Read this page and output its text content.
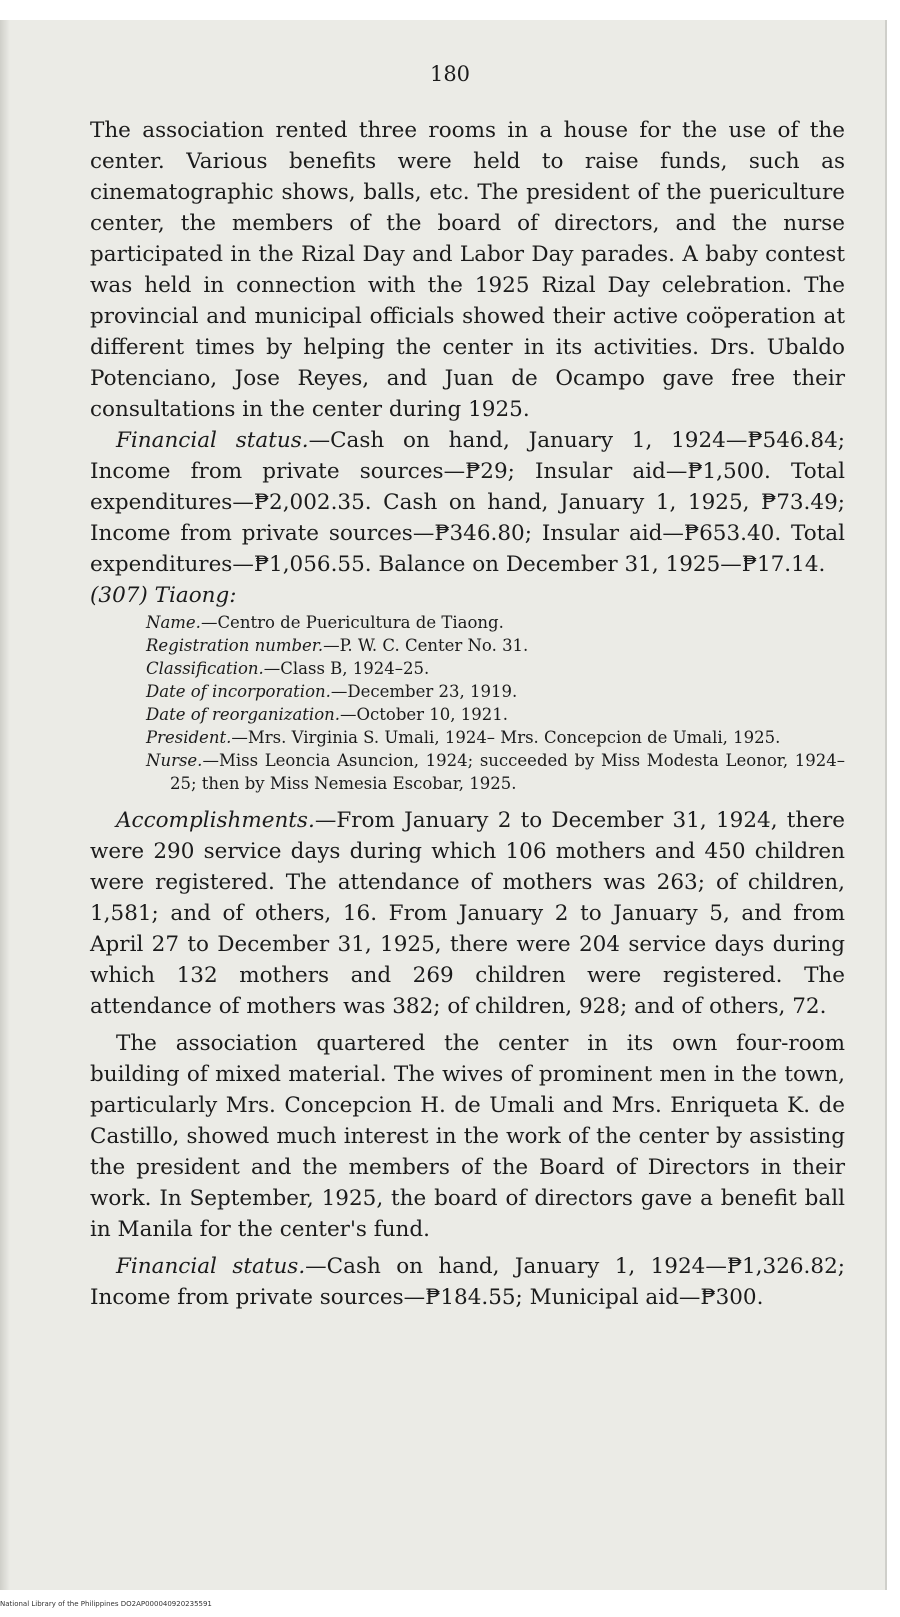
180

The association rented three rooms in a house for the use of the center. Various benefits were held to raise funds, such as cinematographic shows, balls, etc. The president of the puericulture center, the members of the board of directors, and the nurse participated in the Rizal Day and Labor Day parades. A baby contest was held in connection with the 1925 Rizal Day celebration. The provincial and municipal officials showed their active coöperation at different times by helping the center in its activities. Drs. Ubaldo Potenciano, Jose Reyes, and Juan de Ocampo gave free their consultations in the center during 1925.

Financial status.—Cash on hand, January 1, 1924—₱546.84; Income from private sources—₱29; Insular aid—₱1,500. Total expenditures—₱2,002.35. Cash on hand, January 1, 1925, ₱73.49; Income from private sources—₱346.80; Insular aid—₱653.40. Total expenditures—₱1,056.55. Balance on December 31, 1925—₱17.14.

(307) Tiaong:

Name.—Centro de Puericultura de Tiaong.
Registration number.—P. W. C. Center No. 31.
Classification.—Class B, 1924–25.
Date of incorporation.—December 23, 1919.
Date of reorganization.—October 10, 1921.
President.—Mrs. Virginia S. Umali, 1924– Mrs. Concepcion de Umali, 1925.
Nurse.—Miss Leoncia Asuncion, 1924; succeeded by Miss Modesta Leonor, 1924–25; then by Miss Nemesia Escobar, 1925.

Accomplishments.—From January 2 to December 31, 1924, there were 290 service days during which 106 mothers and 450 children were registered. The attendance of mothers was 263; of children, 1,581; and of others, 16. From January 2 to January 5, and from April 27 to December 31, 1925, there were 204 service days during which 132 mothers and 269 children were registered. The attendance of mothers was 382; of children, 928; and of others, 72.

The association quartered the center in its own four-room building of mixed material. The wives of prominent men in the town, particularly Mrs. Concepcion H. de Umali and Mrs. Enriqueta K. de Castillo, showed much interest in the work of the center by assisting the president and the members of the Board of Directors in their work. In September, 1925, the board of directors gave a benefit ball in Manila for the center's fund.

Financial status.—Cash on hand, January 1, 1924—₱1,326.82; Income from private sources—₱184.55; Municipal aid—₱300.

National Library of the Philippines DO2AP000040920235591
